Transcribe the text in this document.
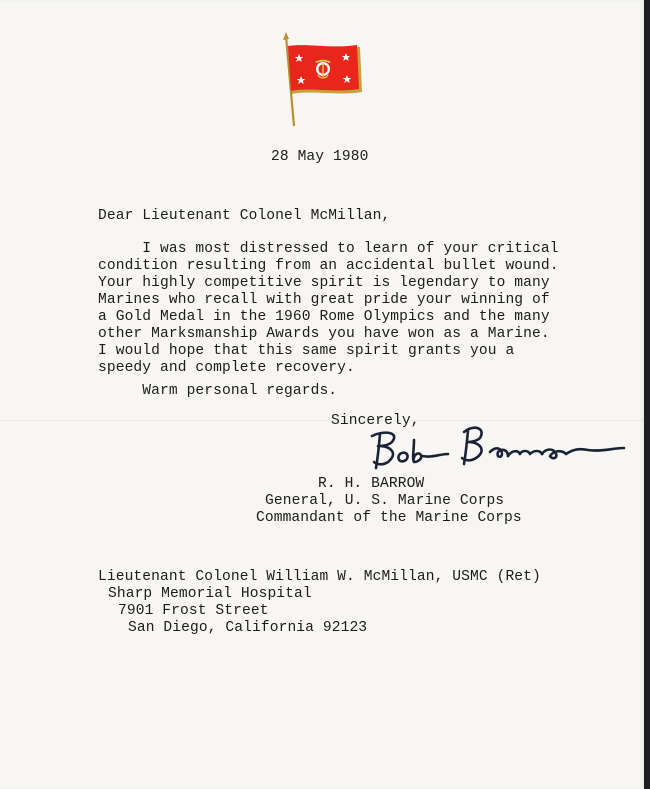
28 May 1980
Dear Lieutenant Colonel McMillan,
I was most distressed to learn of your critical
condition resulting from an accidental bullet wound.
Your highly competitive spirit is legendary to many
Marines who recall with great pride your winning of
a Gold Medal in the 1960 Rome Olympics and the many
other Marksmanship Awards you have won as a Marine.
I would hope that this same spirit grants you a
speedy and complete recovery.
Warm personal regards.
Sincerely,
R. H. BARROW
General, U. S. Marine Corps
Commandant of the Marine Corps
Lieutenant Colonel William W. McMillan, USMC (Ret)
Sharp Memorial Hospital
7901 Frost Street
San Diego, California 92123
